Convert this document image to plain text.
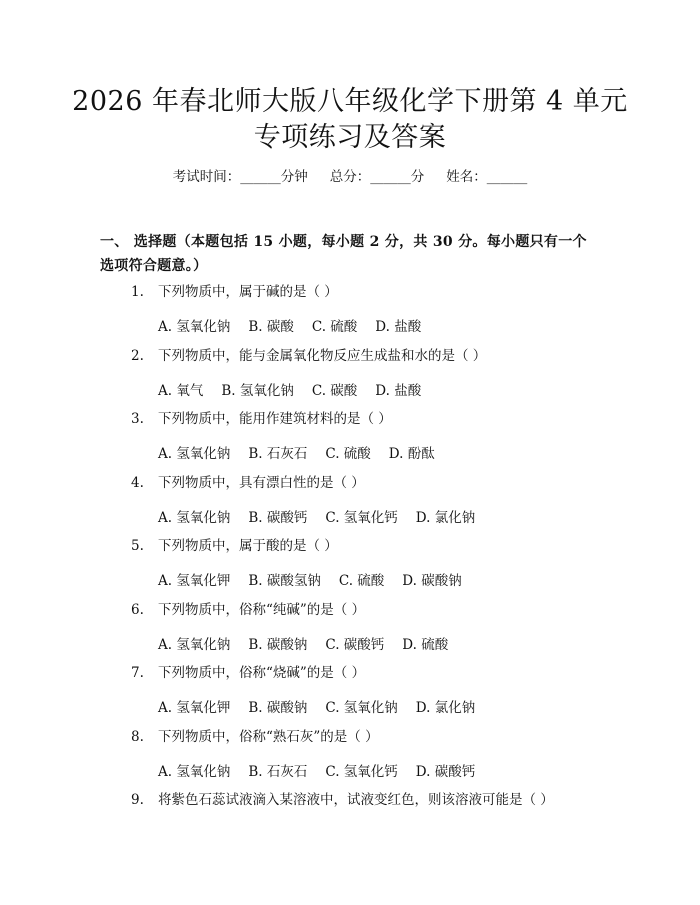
2026 年春北师大版八年级化学下册第 4 单元
专项练习及答案
考试时间：______分钟 总分：______分 姓名：______
一、 选择题（本题包括 15 小题，每小题 2 分，共 30 分。每小题只有一个选项符合题意。）
1. 下列物质中，属于碱的是（ ）
A. 氢氧化钠 B. 碳酸 C. 硫酸 D. 盐酸
2. 下列物质中，能与金属氧化物反应生成盐和水的是（ ）
A. 氧气 B. 氢氧化钠 C. 碳酸 D. 盐酸
3. 下列物质中，能用作建筑材料的是（ ）
A. 氢氧化钠 B. 石灰石 C. 硫酸 D. 酚酞
4. 下列物质中，具有漂白性的是（ ）
A. 氢氧化钠 B. 碳酸钙 C. 氢氧化钙 D. 氯化钠
5. 下列物质中，属于酸的是（ ）
A. 氢氧化钾 B. 碳酸氢钠 C. 硫酸 D. 碳酸钠
6. 下列物质中，俗称“纯碱”的是（ ）
A. 氢氧化钠 B. 碳酸钠 C. 碳酸钙 D. 硫酸
7. 下列物质中，俗称“烧碱”的是（ ）
A. 氢氧化钾 B. 碳酸钠 C. 氢氧化钠 D. 氯化钠
8. 下列物质中，俗称“熟石灰”的是（ ）
A. 氢氧化钠 B. 石灰石 C. 氢氧化钙 D. 碳酸钙
9. 将紫色石蕊试液滴入某溶液中，试液变红色，则该溶液可能是（ ）
